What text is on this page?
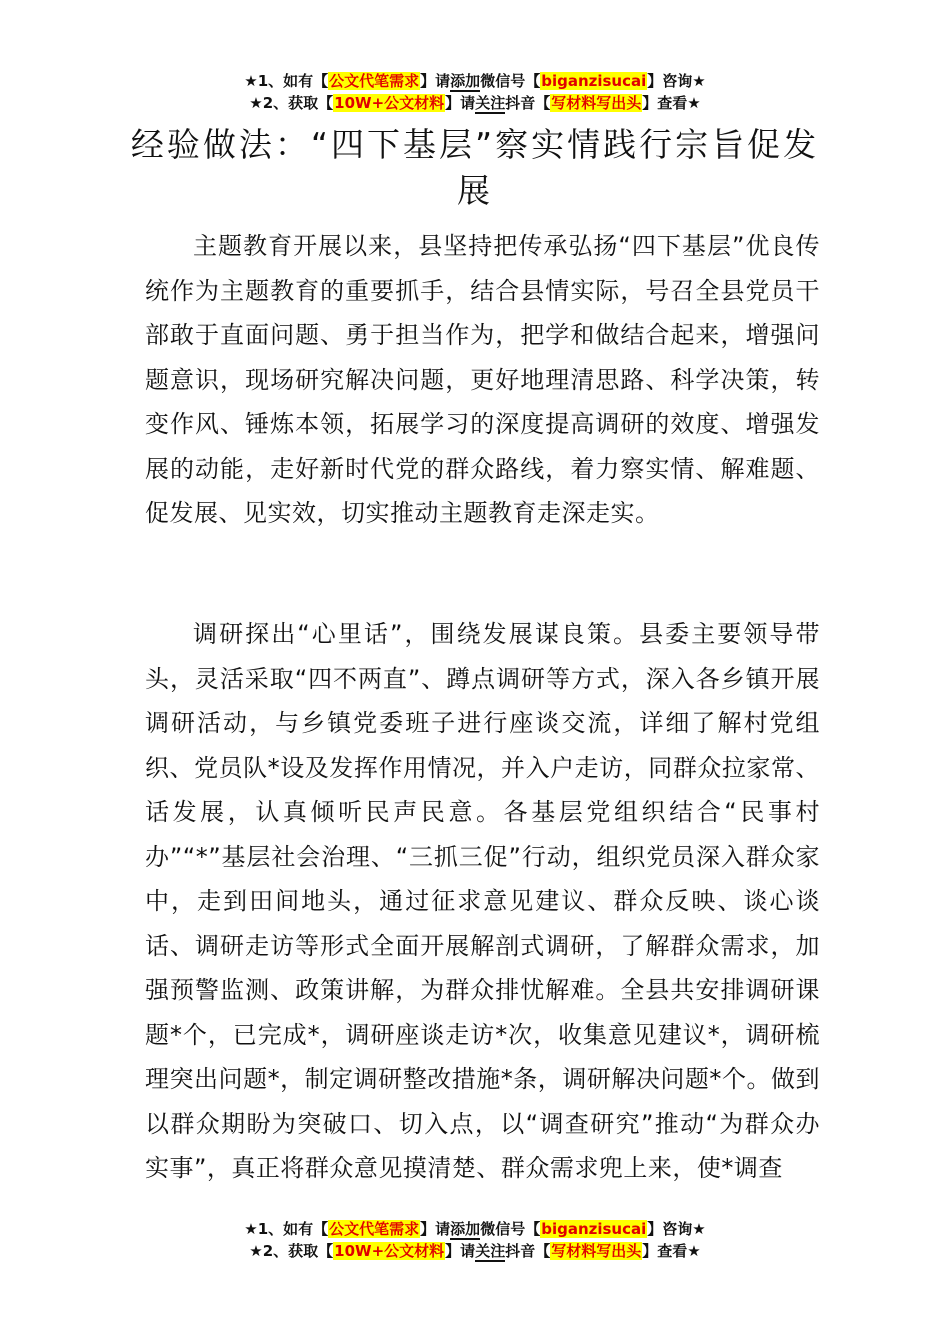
★1、如有【公文代笔需求】请添加微信号【biganzisucai】咨询★
★2、获取【10W+公文材料】请关注抖音【写材料写出头】查看★
经验做法：“四下基层”察实情践行宗旨促发展

主题教育开展以来，县坚持把传承弘扬“四下基层”优良传统作为主题教育的重要抓手，结合县情实际，号召全县党员干部敢于直面问题、勇于担当作为，把学和做结合起来，增强问题意识，现场研究解决问题，更好地理清思路、科学决策，转变作风、锤炼本领，拓展学习的深度提高调研的效度、增强发展的动能，走好新时代党的群众路线，着力察实情、解难题、促发展、见实效，切实推动主题教育走深走实。

调研探出“心里话”，围绕发展谋良策。县委主要领导带头，灵活采取“四不两直”、蹲点调研等方式，深入各乡镇开展调研活动，与乡镇党委班子进行座谈交流，详细了解村党组织、党员队*设及发挥作用情况，并入户走访，同群众拉家常、话发展，认真倾听民声民意。各基层党组织结合“民事村办”“*”基层社会治理、“三抓三促”行动，组织党员深入群众家中，走到田间地头，通过征求意见建议、群众反映、谈心谈话、调研走访等形式全面开展解剖式调研，了解群众需求，加强预警监测、政策讲解，为群众排忧解难。全县共安排调研课题*个，已完成*，调研座谈走访*次，收集意见建议*，调研梳理突出问题*，制定调研整改措施*条，调研解决问题*个。做到以群众期盼为突破口、切入点，以“调查研究”推动“为群众办实事”，真正将群众意见摸清楚、群众需求兜上来，使*调查

★1、如有【公文代笔需求】请添加微信号【biganzisucai】咨询★
★2、获取【10W+公文材料】请关注抖音【写材料写出头】查看★
